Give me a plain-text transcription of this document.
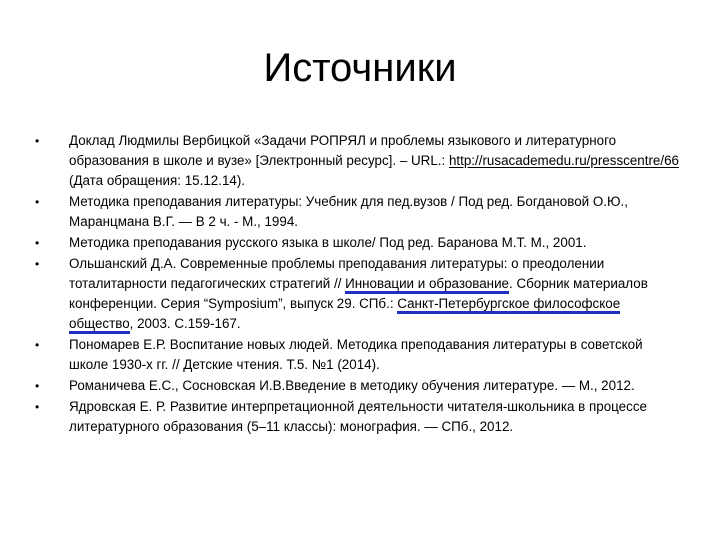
Источники
• Доклад Людмилы Вербицкой «Задачи РОПРЯЛ и проблемы языкового и литературного образования в школе и вузе» [Электронный ресурс]. – URL.: http://rusacademedu.ru/presscentre/66 (Дата обращения: 15.12.14).
• Методика преподавания литературы: Учебник для пед.вузов / Под ред. Богдановой О.Ю., Маранцмана В.Г. — В 2 ч. - М., 1994.
• Методика преподавания русского языка в школе/ Под ред. Баранова М.Т. М., 2001.
• Ольшанский Д.А. Современные проблемы преподавания литературы: о преодолении тоталитарности педагогических стратегий // Инновации и образование. Сборник материалов конференции. Серия “Symposium”, выпуск 29. СПб.: Санкт-Петербургское философское общество, 2003. С.159-167.
• Пономарев Е.Р. Воспитание новых людей. Методика преподавания литературы в советской школе 1930-х гг. // Детские чтения. Т.5. №1 (2014).
• Романичева Е.С., Сосновская И.В.Введение в методику обучения литературе. — М., 2012.
• Ядровская Е. Р. Развитие интерпретационной деятельности читателя-школьника в процессе литературного образования (5–11 классы): монография. — СПб., 2012.
